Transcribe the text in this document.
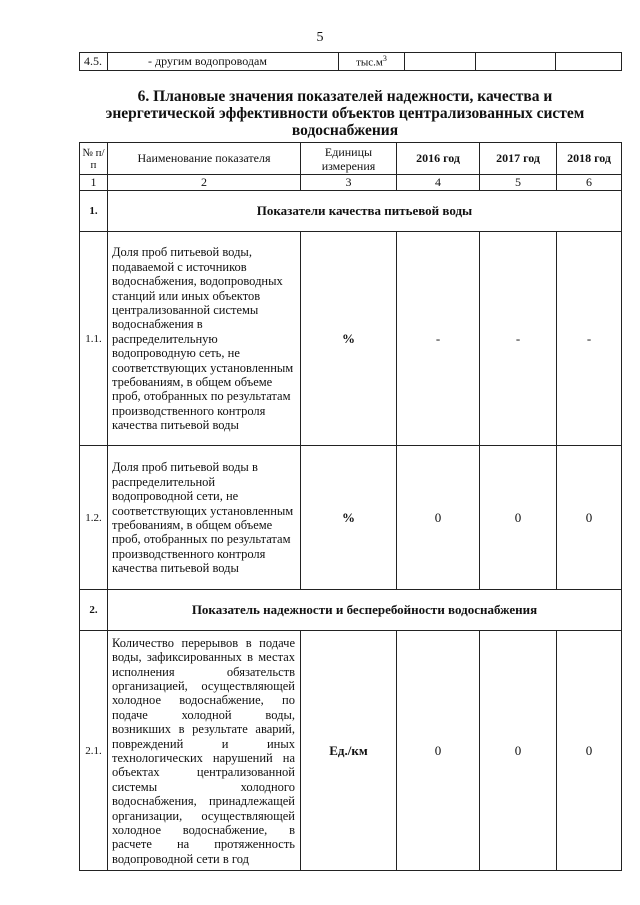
5
4.5.	- другим водопроводам	$тыс.м^3$			
6. Плановые значения показателей надежности, качества и энергетической эффективности объектов централизованных систем водоснабжения
№ п/п	Наименование показателя	Единицы измерения	2016 год	2017 год	2018 год
1	2	3	4	5	6
1.	Показатели качества питьевой воды				
1.1.	Доля проб питьевой воды, подаваемой с источников водоснабжения, водопроводных станций или иных объектов централизованной системы водоснабжения в распределительную водопроводную сеть, не соответствующих установленным требованиям, в общем объеме проб, отобранных по результатам производственного контроля качества питьевой воды	%	-	-	-
1.2.	Доля проб питьевой воды в распределительной водопроводной сети, не соответствующих установленным требованиям, в общем объеме проб, отобранных по результатам производственного контроля качества питьевой воды	%	0	0	0
2.	Показатель надежности и бесперебойности водоснабжения				
2.1.	Количество перерывов в подаче воды, зафиксированных в местах исполнения обязательств организацией, осуществляющей холодное водоснабжение, по подаче холодной воды, возникших в результате аварий, повреждений и иных технологических нарушений на объектах централизованной системы холодного водоснабжения, принадлежащей организации, осуществляющей холодное водоснабжение, в расчете на протяженность водопроводной сети в год	Ед./км	0	0	0
